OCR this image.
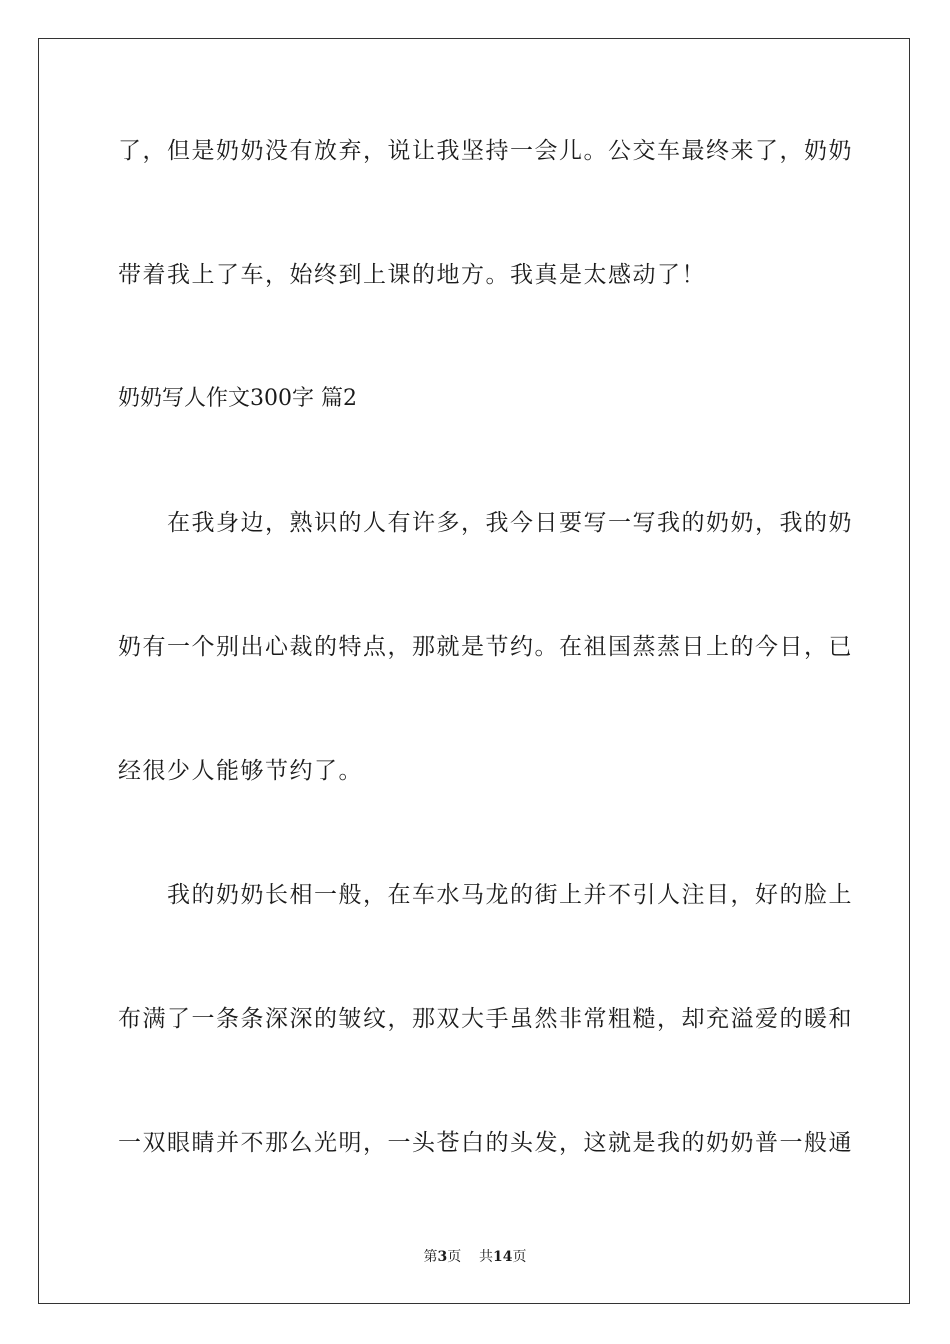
了，但是奶奶没有放弃，说让我坚持一会儿。公交车最终来了，奶奶
带着我上了车，始终到上课的地方。我真是太感动了！
奶奶写人作文300字 篇2
　　在我身边，熟识的人有许多，我今日要写一写我的奶奶，我的奶
奶有一个别出心裁的特点，那就是节约。在祖国蒸蒸日上的今日，已
经很少人能够节约了。
　　我的奶奶长相一般，在车水马龙的街上并不引人注目，好的脸上
布满了一条条深深的皱纹，那双大手虽然非常粗糙，却充溢爱的暖和
一双眼睛并不那么光明，一头苍白的头发，这就是我的奶奶普一般通
第3页 共14页
